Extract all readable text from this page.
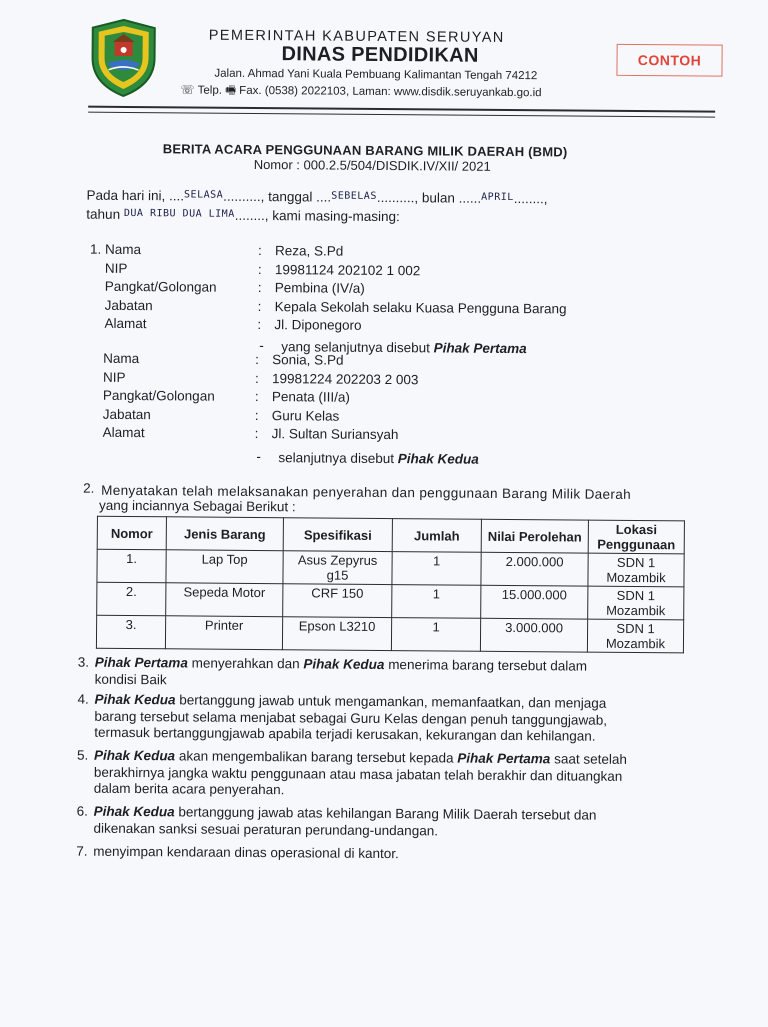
PEMERINTAH KABUPATEN SERUYAN
DINAS PENDIDIKAN
Jalan. Ahmad Yani Kuala Pembuang Kalimantan Tengah 74212
☏ Telp. 🖷 Fax. (0538) 2022103, Laman: www.disdik.seruyankab.go.id
CONTOH
BERITA ACARA PENGGUNAAN BARANG MILIK DAERAH (BMD)
Nomor : 000.2.5/504/DISDIK.IV/XII/ 2021
Pada hari ini, ....$^{SELASA}$.........., tanggal ....$^{SEBELAS}$.........., bulan ......$^{APRIL}$........,
tahun $^{DUA RIBU DUA LIMA}$........, kami masing-masing:
1. Nama	: Reza, S.Pd
NIP	: 19981124 202102 1 002
Pangkat/Golongan	: Pembina (IV/a)
Jabatan	: Kepala Sekolah selaku Kuasa Pengguna Barang
Alamat	: Jl. Diponegoro
- yang selanjutnya disebut Pihak Pertama
Nama	: Sonia, S.Pd
NIP	: 19981224 202203 2 003
Pangkat/Golongan	: Penata (III/a)
Jabatan	: Guru Kelas
Alamat	: Jl. Sultan Suriansyah
- selanjutnya disebut Pihak Kedua
2. Menyatakan telah melaksanakan penyerahan dan penggunaan Barang Milik Daerah
yang inciannya Sebagai Berikut :
Nomor	Jenis Barang	Spesifikasi	Jumlah	Nilai Perolehan	Lokasi Penggunaan
1.	Lap Top	Asus Zepyrus g15	1	2.000.000	SDN 1 Mozambik
2.	Sepeda Motor	CRF 150	1	15.000.000	SDN 1 Mozambik
3.	Printer	Epson L3210	1	3.000.000	SDN 1 Mozambik
3. Pihak Pertama menyerahkan dan Pihak Kedua menerima barang tersebut dalam
kondisi Baik
4. Pihak Kedua bertanggung jawab untuk mengamankan, memanfaatkan, dan menjaga
barang tersebut selama menjabat sebagai Guru Kelas dengan penuh tanggungjawab,
termasuk bertanggungjawab apabila terjadi kerusakan, kekurangan dan kehilangan.
5. Pihak Kedua akan mengembalikan barang tersebut kepada Pihak Pertama saat setelah
berakhirnya jangka waktu penggunaan atau masa jabatan telah berakhir dan dituangkan
dalam berita acara penyerahan.
6. Pihak Kedua bertanggung jawab atas kehilangan Barang Milik Daerah tersebut dan
dikenakan sanksi sesuai peraturan perundang-undangan.
7. menyimpan kendaraan dinas operasional di kantor.
